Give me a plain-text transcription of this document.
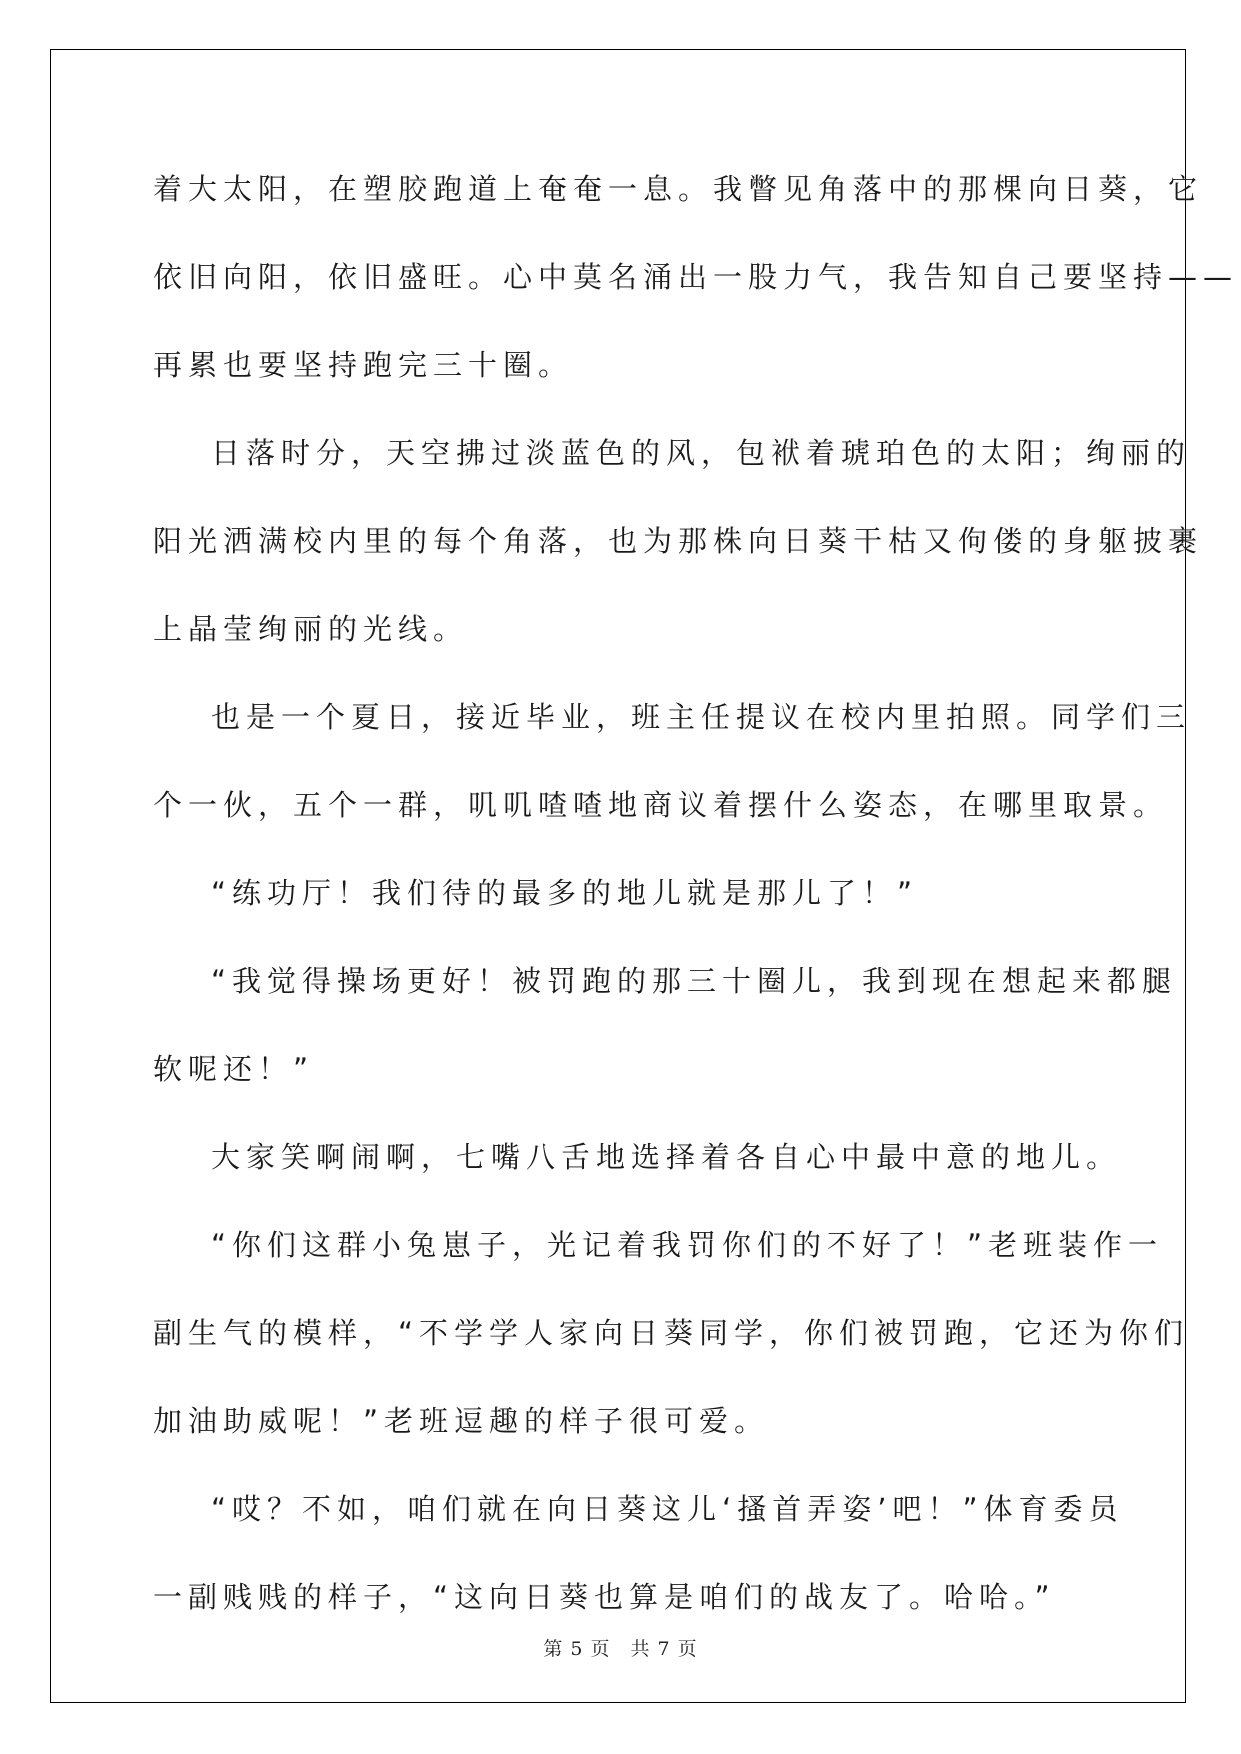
着大太阳，在塑胶跑道上奄奄一息。我瞥见角落中的那棵向日葵，它
依旧向阳，依旧盛旺。心中莫名涌出一股力气，我告知自己要坚持——
再累也要坚持跑完三十圈。
日落时分，天空拂过淡蓝色的风，包袱着琥珀色的太阳；绚丽的
阳光洒满校内里的每个角落，也为那株向日葵干枯又佝偻的身躯披裹
上晶莹绚丽的光线。
也是一个夏日，接近毕业，班主任提议在校内里拍照。同学们三
个一伙，五个一群，叽叽喳喳地商议着摆什么姿态，在哪里取景。
“练功厅！我们待的最多的地儿就是那儿了！”
“我觉得操场更好！被罚跑的那三十圈儿，我到现在想起来都腿
软呢还！”
大家笑啊闹啊，七嘴八舌地选择着各自心中最中意的地儿。
“你们这群小兔崽子，光记着我罚你们的不好了！”老班装作一
副生气的模样，“不学学人家向日葵同学，你们被罚跑，它还为你们
加油助威呢！”老班逗趣的样子很可爱。
“哎？不如，咱们就在向日葵这儿‘搔首弄姿’吧！”体育委员
一副贱贱的样子，“这向日葵也算是咱们的战友了。哈哈。”
第 5 页　共 7 页
